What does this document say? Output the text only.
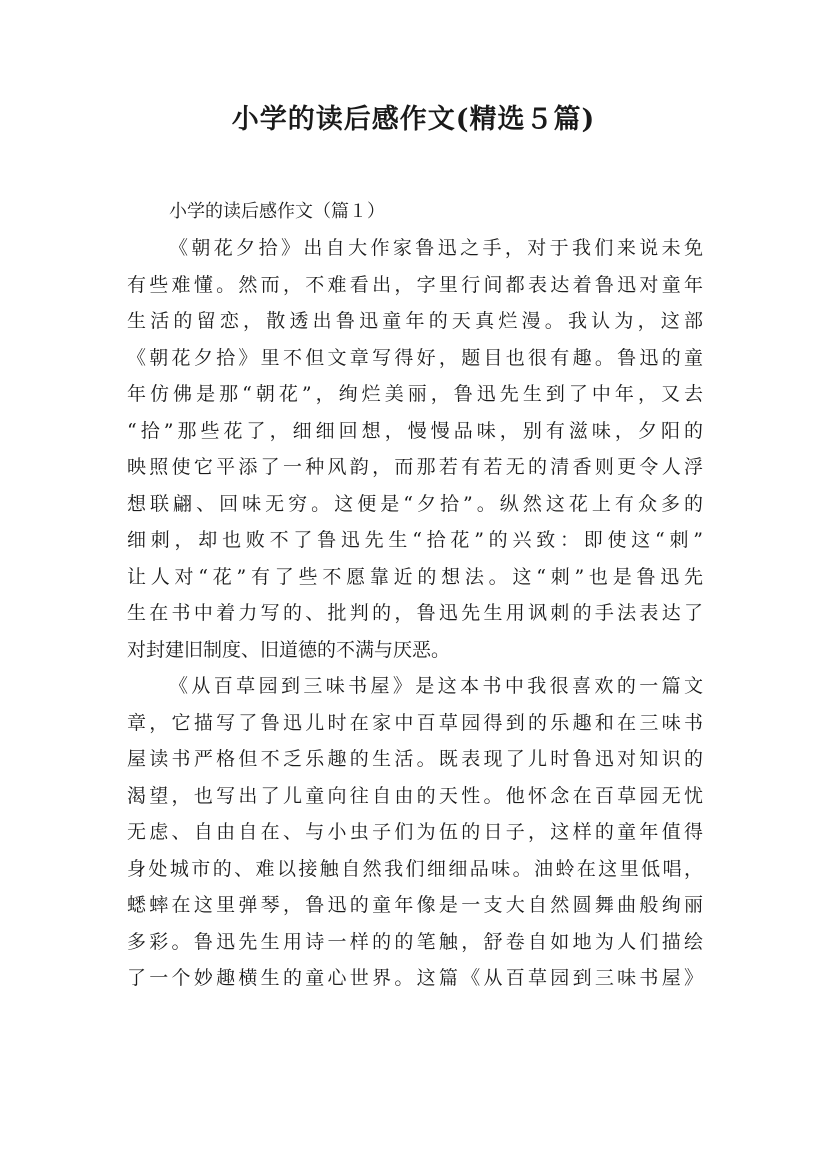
小学的读后感作文(精选５篇)
小学的读后感作文（篇１）
《朝花夕拾》出自大作家鲁迅之手，对于我们来说未免
有些难懂。然而，不难看出，字里行间都表达着鲁迅对童年
生活的留恋，散透出鲁迅童年的天真烂漫。我认为，这部
《朝花夕拾》里不但文章写得好，题目也很有趣。鲁迅的童
年仿佛是那“朝花”，绚烂美丽，鲁迅先生到了中年，又去
“拾”那些花了，细细回想，慢慢品味，别有滋味，夕阳的
映照使它平添了一种风韵，而那若有若无的清香则更令人浮
想联翩、回味无穷。这便是“夕拾”。纵然这花上有众多的
细刺，却也败不了鲁迅先生“拾花”的兴致：即使这“刺”
让人对“花”有了些不愿靠近的想法。这“刺”也是鲁迅先
生在书中着力写的、批判的，鲁迅先生用讽刺的手法表达了
对封建旧制度、旧道德的不满与厌恶。
《从百草园到三味书屋》是这本书中我很喜欢的一篇文
章，它描写了鲁迅儿时在家中百草园得到的乐趣和在三味书
屋读书严格但不乏乐趣的生活。既表现了儿时鲁迅对知识的
渴望，也写出了儿童向往自由的天性。他怀念在百草园无忧
无虑、自由自在、与小虫子们为伍的日子，这样的童年值得
身处城市的、难以接触自然我们细细品味。油蛉在这里低唱，
蟋蟀在这里弹琴，鲁迅的童年像是一支大自然圆舞曲般绚丽
多彩。鲁迅先生用诗一样的的笔触，舒卷自如地为人们描绘
了一个妙趣横生的童心世界。这篇《从百草园到三味书屋》
